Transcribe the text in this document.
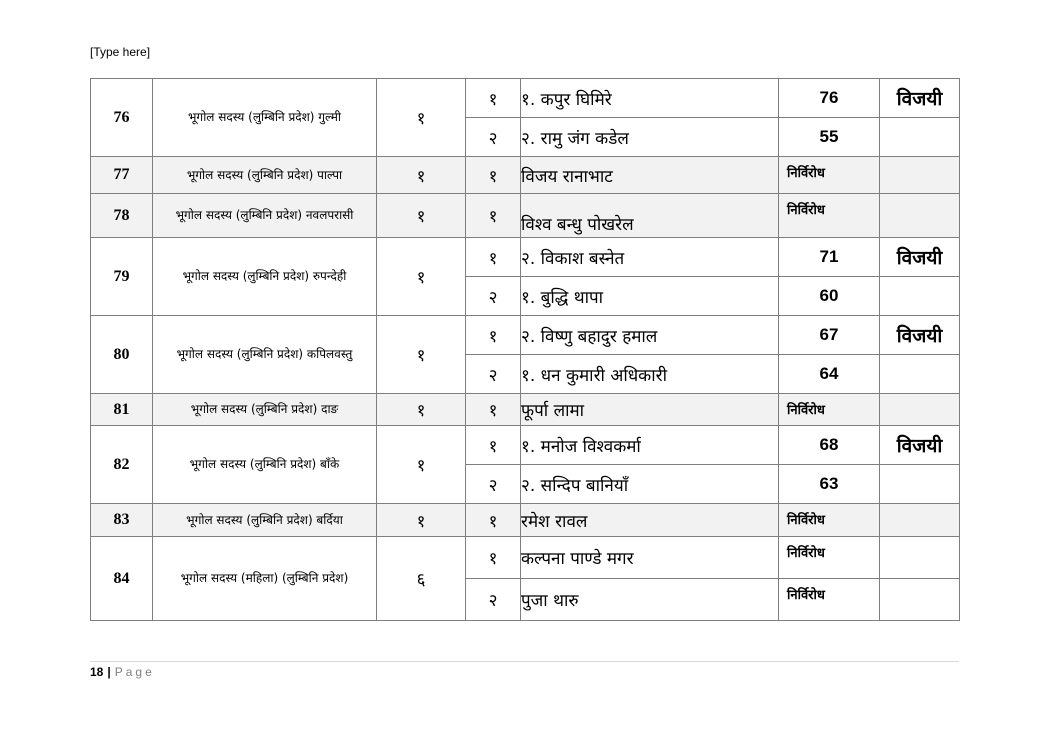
[Type here]
76	भूगोल सदस्य (लुम्बिनि प्रदेश) गुल्मी	१	१	१. कपुर घिमिरे	76	विजयी
			२	२. रामु जंग कडेल	55	
77	भूगोल सदस्य (लुम्बिनि प्रदेश) पाल्पा	१	१	विजय रानाभाट	निर्विरोध	
78	भूगोल सदस्य (लुम्बिनि प्रदेश) नवलपरासी	१	१	विश्व बन्धु पोखरेल	निर्विरोध	
79	भूगोल सदस्य (लुम्बिनि प्रदेश) रुपन्देही	१	१	२. विकाश बस्नेत	71	विजयी
			२	१. बुद्धि थापा	60	
80	भूगोल सदस्य (लुम्बिनि प्रदेश) कपिलवस्तु	१	१	२. विष्णु बहादुर हमाल	67	विजयी
			२	१. धन कुमारी अधिकारी	64	
81	भूगोल सदस्य (लुम्बिनि प्रदेश) दाङ	१	१	फूर्पा लामा	निर्विरोध	
82	भूगोल सदस्य (लुम्बिनि प्रदेश) बाँके	१	१	१. मनोज विश्वकर्मा	68	विजयी
			२	२. सन्दिप बानियाँ	63	
83	भूगोल सदस्य (लुम्बिनि प्रदेश) बर्दिया	१	१	रमेश रावल	निर्विरोध	
84	भूगोल सदस्य (महिला) (लुम्बिनि प्रदेश)	६	१	कल्पना पाण्डे मगर	निर्विरोध	
			२	पुजा थारु	निर्विरोध	
18 | Page
